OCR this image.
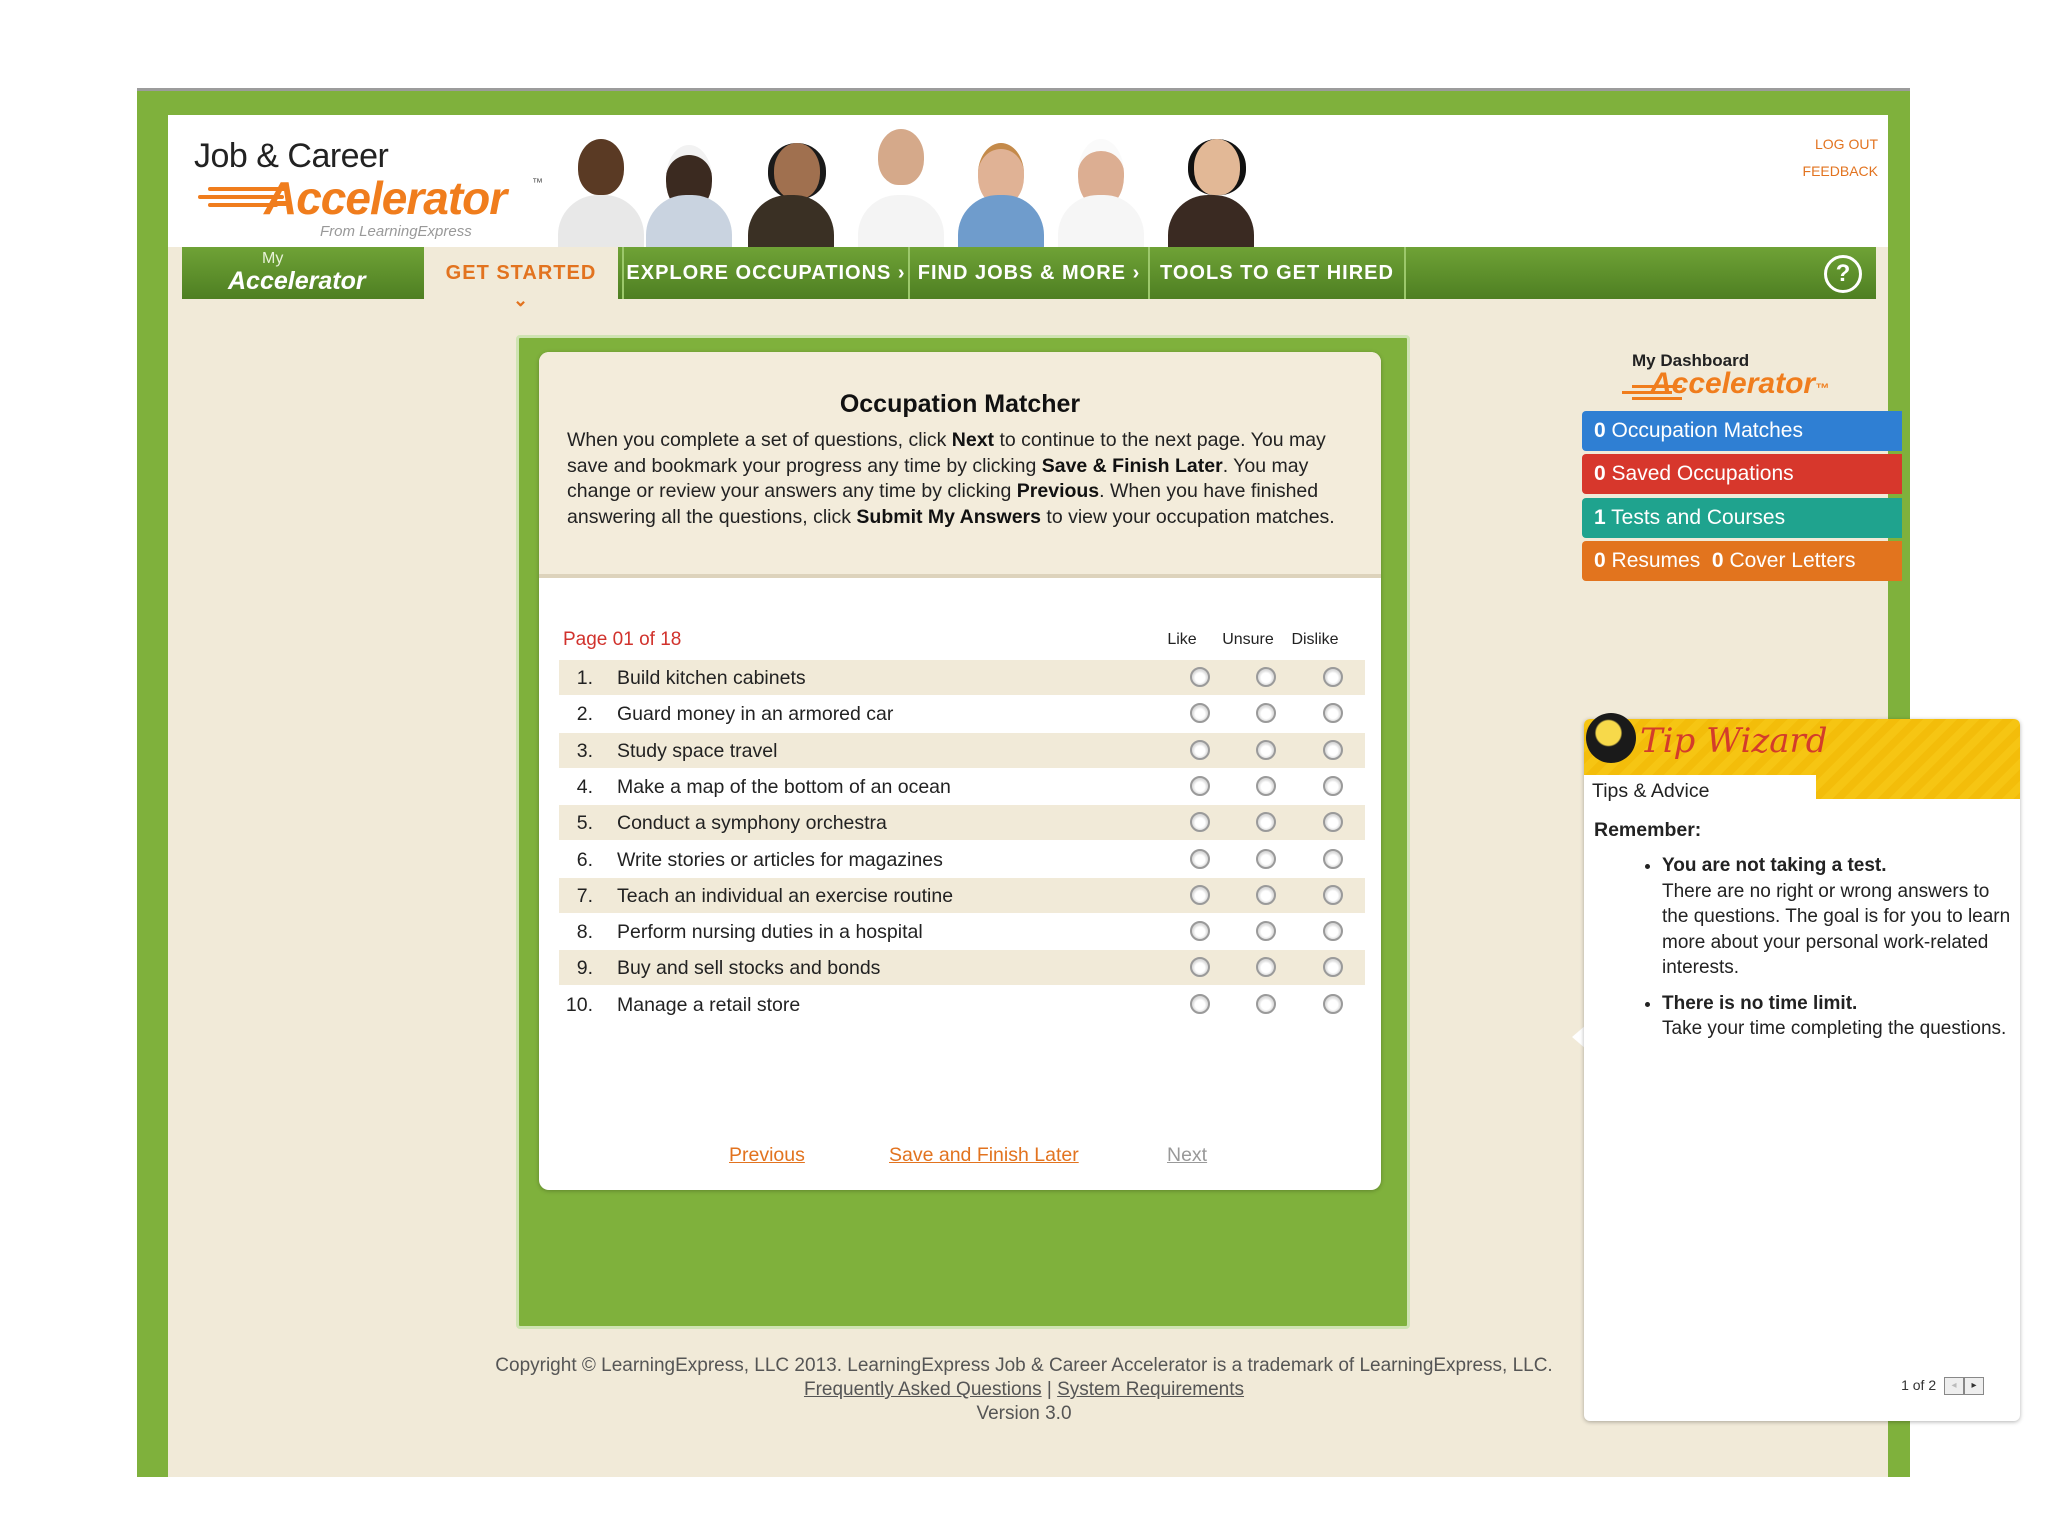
Job & Career
Accelerator ™
From LearningExpress
LOG OUT
FEEDBACK
My
Accelerator	GET STARTED
⌄
EXPLORE OCCUPATIONS › FIND JOBS & MORE › TOOLS TO GET HIRED	?
Occupation Matcher
When you complete a set of questions, click Next to continue to the next page. You may save and bookmark your progress any time by clicking Save & Finish Later. You may change or review your answers any time by clicking Previous. When you have finished answering all the questions, click Submit My Answers to view your occupation matches.
Page 01 of 18	Like	Unsure	Dislike
1. Build kitchen cabinets
2. Guard money in an armored car
3. Study space travel
4. Make a map of the bottom of an ocean
5. Conduct a symphony orchestra
6. Write stories or articles for magazines
7. Teach an individual an exercise routine
8. Perform nursing duties in a hospital
9. Buy and sell stocks and bonds
10. Manage a retail store
Previous	Save and Finish Later	Next
My Dashboard
Accelerator™
0 Occupation Matches
0 Saved Occupations
1 Tests and Courses
0 Resumes 0 Cover Letters
Tip Wizard
Tips & Advice
Remember:
• You are not taking a test.
There are no right or wrong answers to the questions. The goal is for you to learn more about your personal work-related interests.
• There is no time limit.
Take your time completing the questions.
1 of 2 ◂ ▸
Copyright © LearningExpress, LLC 2013. LearningExpress Job & Career Accelerator is a trademark of LearningExpress, LLC.
Frequently Asked Questions | System Requirements
Version 3.0
